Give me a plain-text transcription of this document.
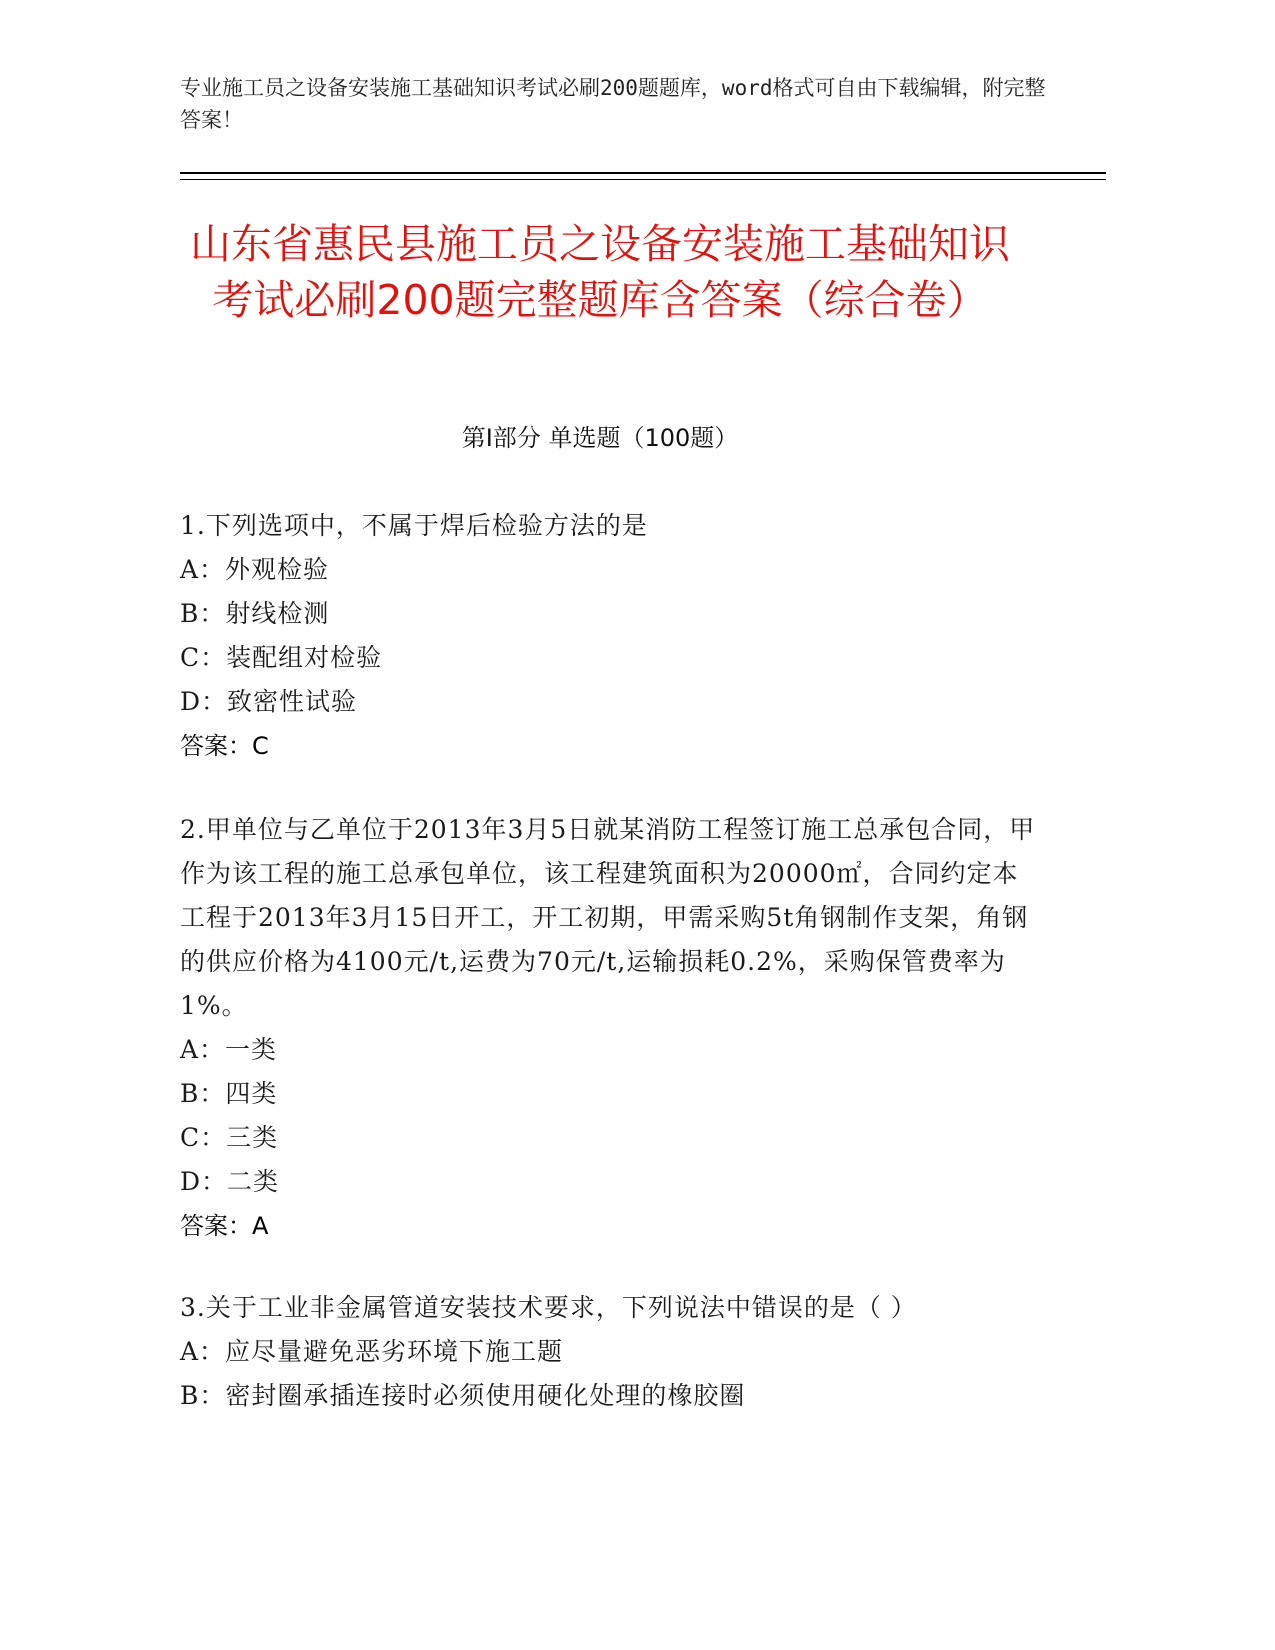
专业施工员之设备安装施工基础知识考试必刷200题题库，word格式可自由下载编辑，附完整答案！
山东省惠民县施工员之设备安装施工基础知识考试必刷200题完整题库含答案（综合卷）
第I部分 单选题（100题）

1.下列选项中，不属于焊后检验方法的是

A：外观检验

B：射线检测

C：装配组对检验

D：致密性试验

答案：C

2.甲单位与乙单位于2013年3月5日就某消防工程签订施工总承包合同，甲作为该工程的施工总承包单位，该工程建筑面积为20000㎡，合同约定本工程于2013年3月15日开工，开工初期，甲需采购5t角钢制作支架，角钢的供应价格为4100元/t,运费为70元/t,运输损耗0.2%，采购保管费率为1%。

A：一类

B：四类

C：三类

D：二类

答案：A

3.关于工业非金属管道安装技术要求，下列说法中错误的是（ ）

A：应尽量避免恶劣环境下施工题

B：密封圈承插连接时必须使用硬化处理的橡胶圈
